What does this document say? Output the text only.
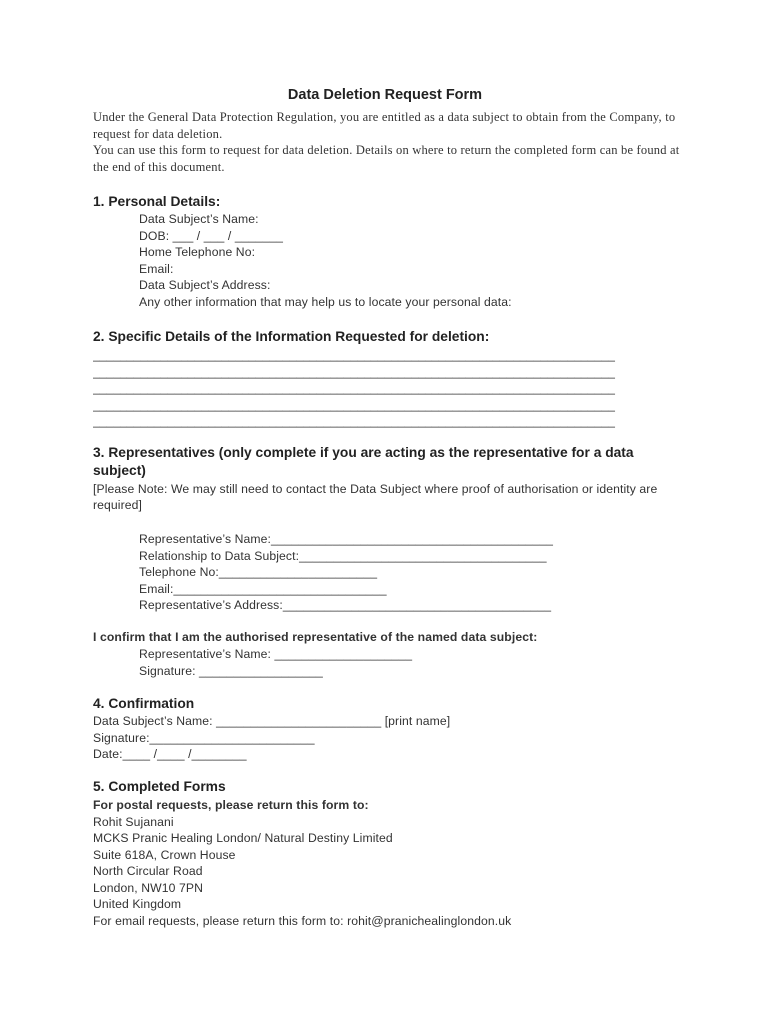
Data Deletion Request Form

Under the General Data Protection Regulation, you are entitled as a data subject to obtain from the Company, to request for data deletion.

You can use this form to request for data deletion. Details on where to return the completed form can be found at the end of this document.

1. Personal Details:
Data Subject’s Name:
DOB: ___ / ___ / _______
Home Telephone No:
Email:
Data Subject’s Address:
Any other information that may help us to locate your personal data:
2. Specific Details of the Information Requested for deletion:
_____________________________________________________________________________
_____________________________________________________________________________
_____________________________________________________________________________
_____________________________________________________________________________
_____________________________________________________________________________
3. Representatives (only complete if you are acting as the representative for a data subject)
[Please Note: We may still need to contact the Data Subject where proof of authorisation or identity are required]
Representative’s Name:_________________________________________
Relationship to Data Subject:____________________________________
Telephone No:_______________________
Email:_______________________________
Representative’s Address:_______________________________________
I confirm that I am the authorised representative of the named data subject:
Representative’s Name: ____________________
Signature: __________________
4. Confirmation
Data Subject’s Name: ________________________ [print name]
Signature:________________________
Date:____ /____ /________
5. Completed Forms
For postal requests, please return this form to:
Rohit Sujanani
MCKS Pranic Healing London/ Natural Destiny Limited
Suite 618A, Crown House
North Circular Road
London, NW10 7PN
United Kingdom
For email requests, please return this form to: rohit@pranichealinglondon.uk
